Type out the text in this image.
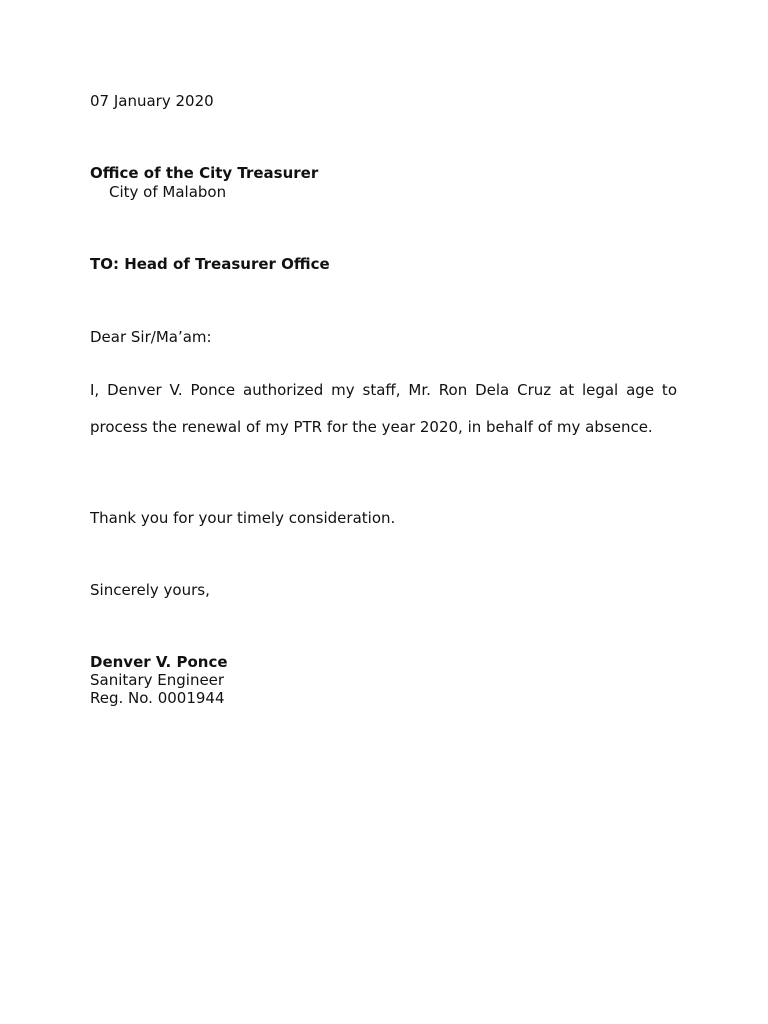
07 January 2020
Office of the City Treasurer
City of Malabon
TO: Head of Treasurer Office
Dear Sir/Ma’am:
I, Denver V. Ponce authorized my staff, Mr. Ron Dela Cruz at legal age to
process the renewal of my PTR for the year 2020, in behalf of my absence.
Thank you for your timely consideration.
Sincerely yours,
Denver V. Ponce
Sanitary Engineer
Reg. No. 0001944
